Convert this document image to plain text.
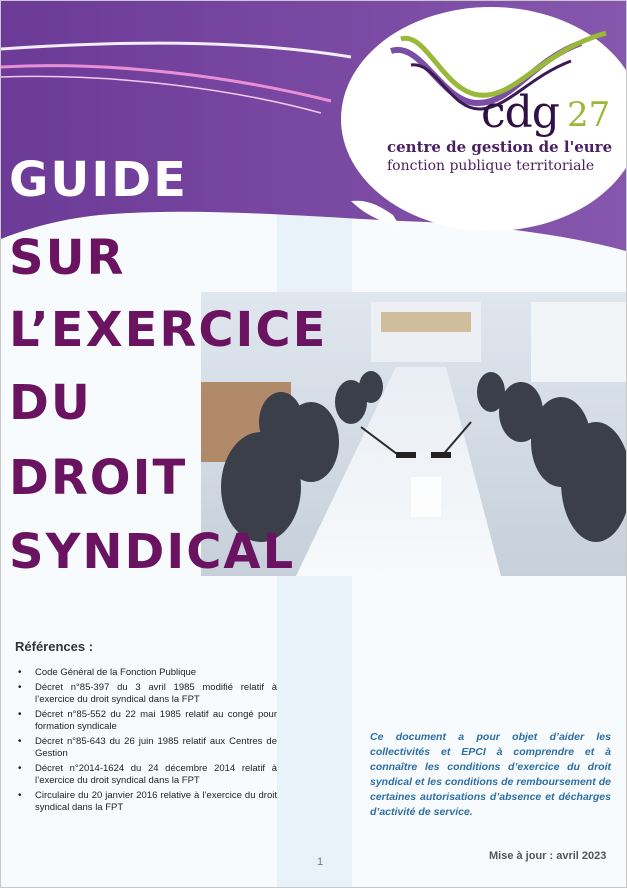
cdg 27
centre de gestion de l'eure
fonction publique territoriale
GUIDE
SUR
L’EXERCICE
DU
DROIT
SYNDICAL
Références :
• Code Général de la Fonction Publique
• Décret n°85-397 du 3 avril 1985 modifié relatif à l’exercice du droit syndical dans la FPT
• Décret n°85-552 du 22 mai 1985 relatif au congé pour formation syndicale
• Décret n°85-643 du 26 juin 1985 relatif aux Centres de Gestion
• Décret n°2014-1624 du 24 décembre 2014 relatif à l’exercice du droit syndical dans la FPT
• Circulaire du 20 janvier 2016 relative à l’exercice du droit syndical dans la FPT
Ce document a pour objet d’aider les collectivités et EPCI à comprendre et à connaître les conditions d’exercice du droit syndical et les conditions de remboursement de certaines autorisations d’absence et décharges d’activité de service.
1	Mise à jour : avril 2023
